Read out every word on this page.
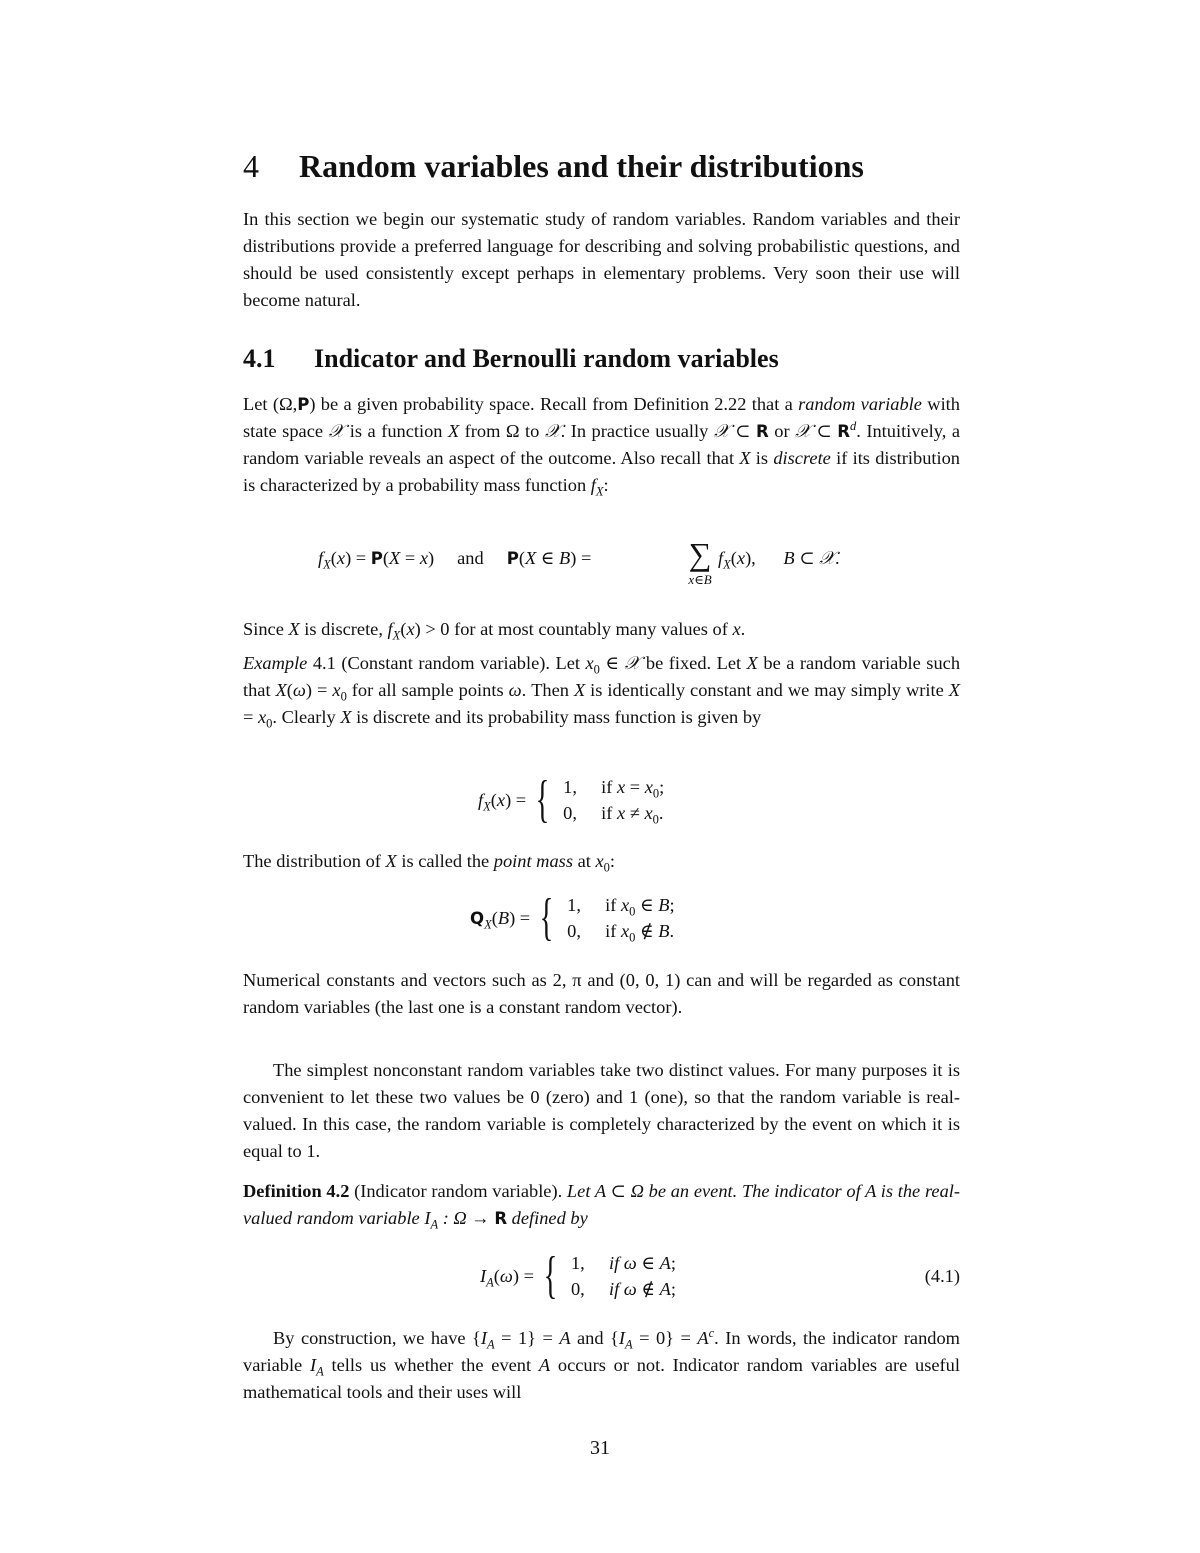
4 Random variables and their distributions

In this section we begin our systematic study of random variables. Random variables and their distributions provide a preferred language for describing and solving probabilistic questions, and should be used consistently except perhaps in elementary problems. Very soon their use will become natural.

4.1 Indicator and Bernoulli random variables

Let (Ω,P) be a given probability space. Recall from Definition 2.22 that a random variable with state space 𝒳 is a function X from Ω to 𝒳. In practice usually 𝒳 ⊂ R or 𝒳 ⊂ $R^d$. Intuitively, a random variable reveals an aspect of the outcome. Also recall that X is discrete if its distribution is characterized by a probability mass function $f_X$:

$f_X(x) = P(X = x)$     and P(X ∈ B) =	∑
x∈B
$f_X(x)$,      B ⊂ 𝒳.

Since X is discrete, $f_X(x) > 0$ for at most countably many values of x.

Example 4.1 (Constant random variable). Let $x_0$ ∈ 𝒳 be fixed. Let X be a random variable such that $X(\omega) = x_0$ for all sample points ω. Then X is identically constant and we may simply write $X = x_0$. Clearly X is discrete and its probability mass function is given by

$f_X(x)$ = { 1, if $x = x_0$;
0, if $x \ne x_0$.

The distribution of X is called the point mass at $x_0$:

$Q_X(B)$ = { 1, if $x_0$ ∈ B;
0, if $x_0$ ∉ B.

Numerical constants and vectors such as 2, π and (0, 0, 1) can and will be regarded as constant random variables (the last one is a constant random vector).

The simplest nonconstant random variables take two distinct values. For many purposes it is convenient to let these two values be 0 (zero) and 1 (one), so that the random variable is real-valued. In this case, the random variable is completely characterized by the event on which it is equal to 1.

Definition 4.2 (Indicator random variable). Let A ⊂ Ω be an event. The indicator of A is the real-valued random variable $I_A$ : Ω → R defined by

$I_A(\omega)$ = { 1, if ω ∈ A;
0, if ω ∉ A;
(4.1)

By construction, we have $\{I_A = 1\} = A$ and $\{I_A = 0\} = A^c$. In words, the indicator random variable $I_A$ tells us whether the event A occurs or not. Indicator random variables are useful mathematical tools and their uses will

31
